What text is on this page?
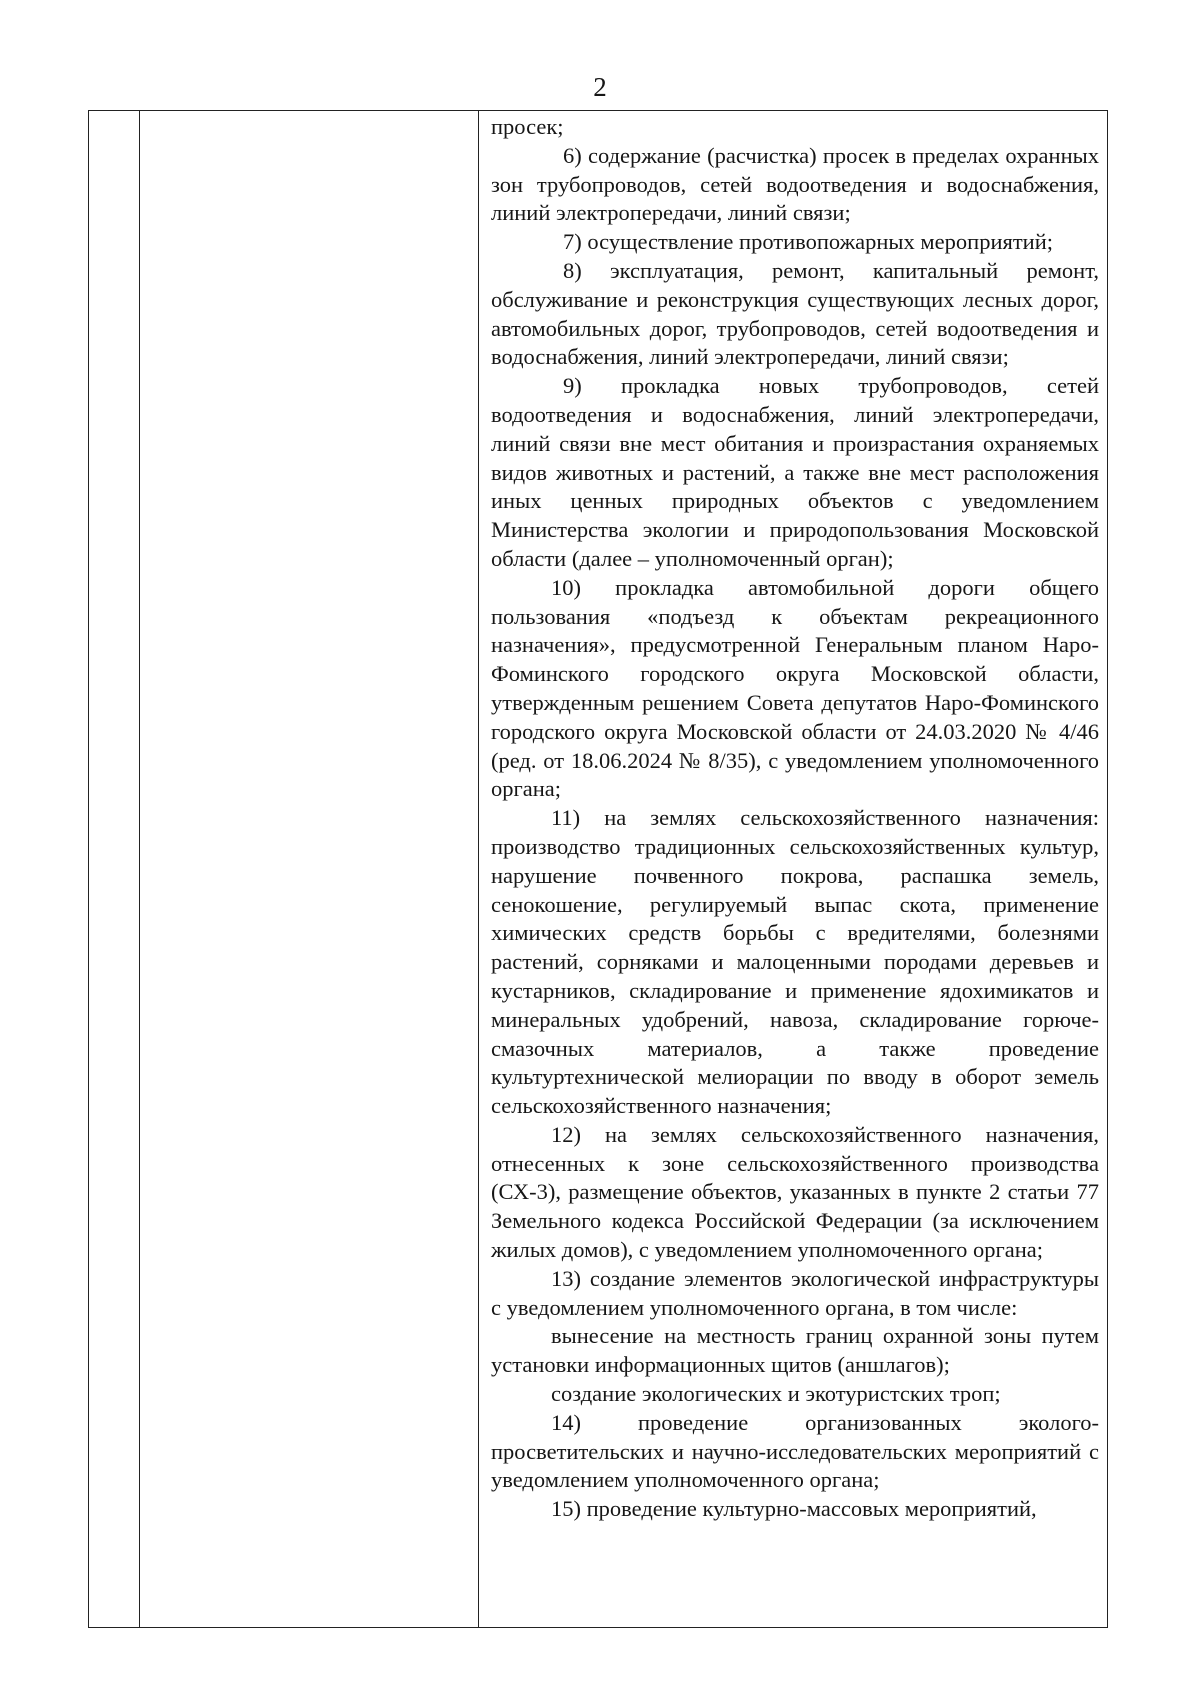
2

просек;

6) содержание (расчистка) просек в пределах охранных зон трубопроводов, сетей водоотведения и водоснабжения, линий электропередачи, линий связи;

7) осуществление противопожарных мероприятий;

8) эксплуатация, ремонт, капитальный ремонт, обслуживание и реконструкция существующих лесных дорог, автомобильных дорог, трубопроводов, сетей водоотведения и водоснабжения, линий электропередачи, линий связи;

9) прокладка новых трубопроводов, сетей водоотведения и водоснабжения, линий электропередачи, линий связи вне мест обитания и произрастания охраняемых видов животных и растений, а также вне мест расположения иных ценных природных объектов с уведомлением Министерства экологии и природопользования Московской области (далее – уполномоченный орган);

10) прокладка автомобильной дороги общего пользования «подъезд к объектам рекреационного назначения», предусмотренной Генеральным планом Наро-Фоминского городского округа Московской области, утвержденным решением Совета депутатов Наро-Фоминского городского округа Московской области от 24.03.2020 № 4/46 (ред. от 18.06.2024 № 8/35), с уведомлением уполномоченного органа;

11) на землях сельскохозяйственного назначения: производство традиционных сельскохозяйственных культур, нарушение почвенного покрова, распашка земель, сенокошение, регулируемый выпас скота, применение химических средств борьбы с вредителями, болезнями растений, сорняками и малоценными породами деревьев и кустарников, складирование и применение ядохимикатов и минеральных удобрений, навоза, складирование горюче-смазочных материалов, а также проведение культуртехнической мелиорации по вводу в оборот земель сельскохозяйственного назначения;

12) на землях сельскохозяйственного назначения, отнесенных к зоне сельскохозяйственного производства (СХ-3), размещение объектов, указанных в пункте 2 статьи 77 Земельного кодекса Российской Федерации (за исключением жилых домов), с уведомлением уполномоченного органа;

13) создание элементов экологической инфраструктуры с уведомлением уполномоченного органа, в том числе:

вынесение на местность границ охранной зоны путем установки информационных щитов (аншлагов);

создание экологических и экотуристских троп;

14) проведение организованных эколого-просветительских и научно-исследовательских мероприятий с уведомлением уполномоченного органа;

15) проведение культурно-массовых мероприятий,
